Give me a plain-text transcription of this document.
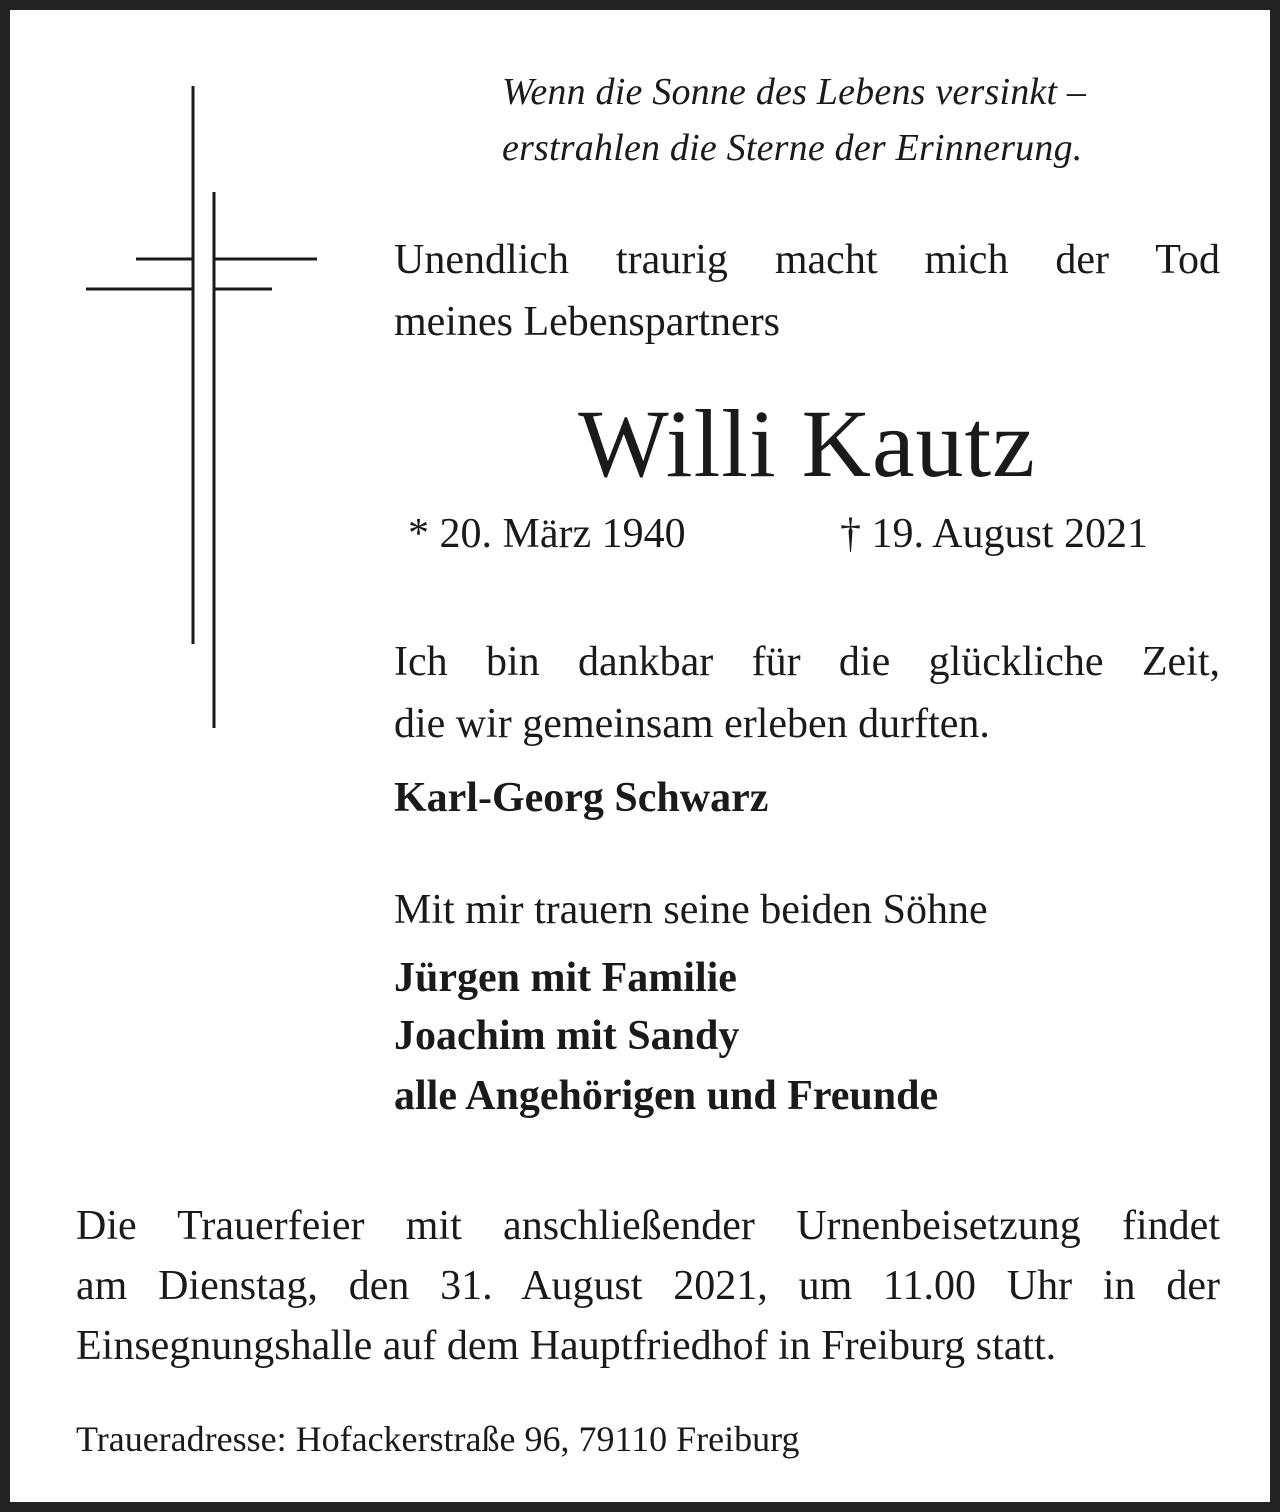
Wenn die Sonne des Lebens versinkt –

erstrahlen die Sterne der Erinnerung.

Unendlich traurig macht mich der Tod

meines Lebenspartners

Willi Kautz

* 20. März 1940	† 19. August 2021

Ich bin dankbar für die glückliche Zeit,

die wir gemeinsam erleben durften.

Karl-Georg Schwarz

Mit mir trauern seine beiden Söhne

Jürgen mit Familie

Joachim mit Sandy

alle Angehörigen und Freunde

Die Trauerfeier mit anschließender Urnenbeisetzung findet

am Dienstag, den 31. August 2021, um 11.00 Uhr in der

Einsegnungshalle auf dem Hauptfriedhof in Freiburg statt.

Traueradresse: Hofackerstraße 96, 79110 Freiburg
